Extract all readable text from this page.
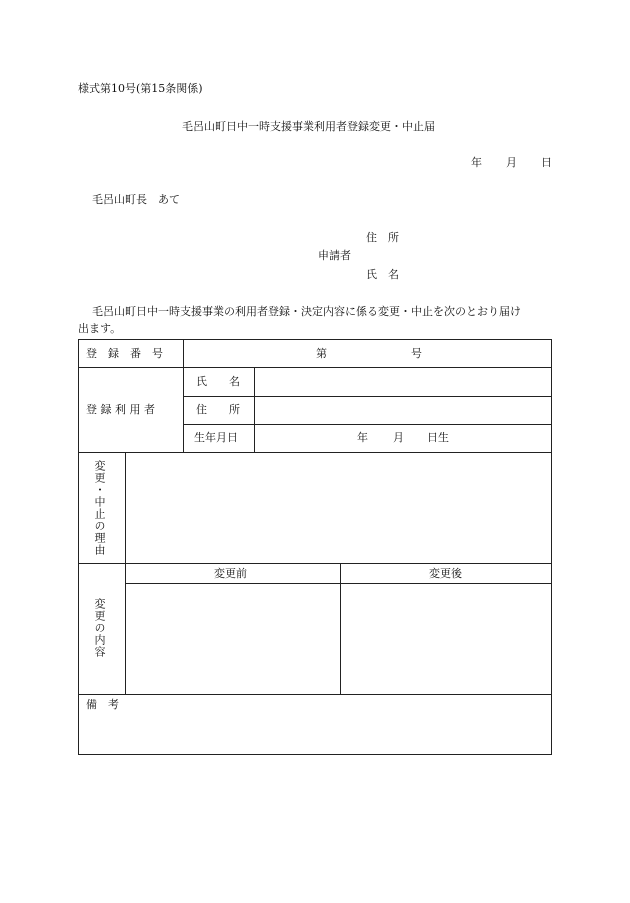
様式第10号(第15条関係)
毛呂山町日中一時支援事業利用者登録変更・中止届
年 月 日
毛呂山町長　あて
住　所
申請者
氏　名
毛呂山町日中一時支援事業の利用者登録・決定内容に係る変更・中止を次のとおり届け
出ます。
登　録　番　号	第	号
登 録 利 用 者
氏　　名
住　　所
生年月日	年 月 日生
変更・中止の理由
変更の内容
変更前	変更後
備　考
